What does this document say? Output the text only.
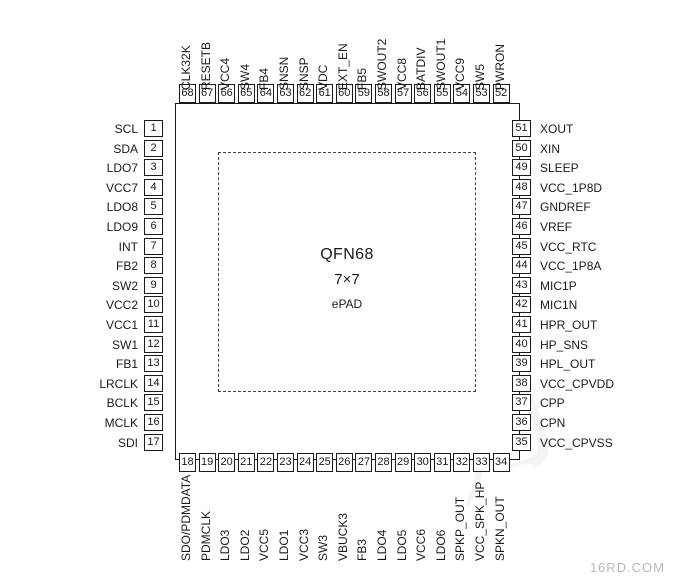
QFN68
7×7
ePAD
1
SCL
2
SDA
3
LDO7
4
VCC7
5
LDO8
6
LDO9
7
INT
8
FB2
9
SW2
10
VCC2
11
VCC1
12
SW1
13
FB1
14
LRCLK
15
BCLK
16
MCLK
17
SDI
51 XOUT
50 XIN
49 SLEEP
48 VCC_1P8D
47 GNDREF
46 VREF
45 VCC_RTC
44 VCC_1P8A
43 MIC1P
42 MIC1N
41 HPR_OUT
40 HP_SNS
39 HPL_OUT
38 VCC_CPVDD
37 CPP
36 CPN
35 VCC_CPVSS
68
CLK32K
67
RESETB
66
VCC4
65
SW4
64
FB4
63
SNSN
62
SNSP
61
VDC
60
EXT_EN
59
FB5
58
SWOUT2
57
VCC8
56
BATDIV
55
SWOUT1
54
VCC9
53
SW5
52
PWRON
18
SDO/PDMDATA
19
PDMCLK
20
LDO3
21
LDO2
22
VCC5
23
LDO1
24
VCC3
25
SW3
26
VBUCK3
27
FB3
28
LDO4
29
LDO5
30
VCC6
31
LDO6
32
SPKP_OUT
33
VCC_SPK_HP
34
SPKN_OUT
16RD.COM
